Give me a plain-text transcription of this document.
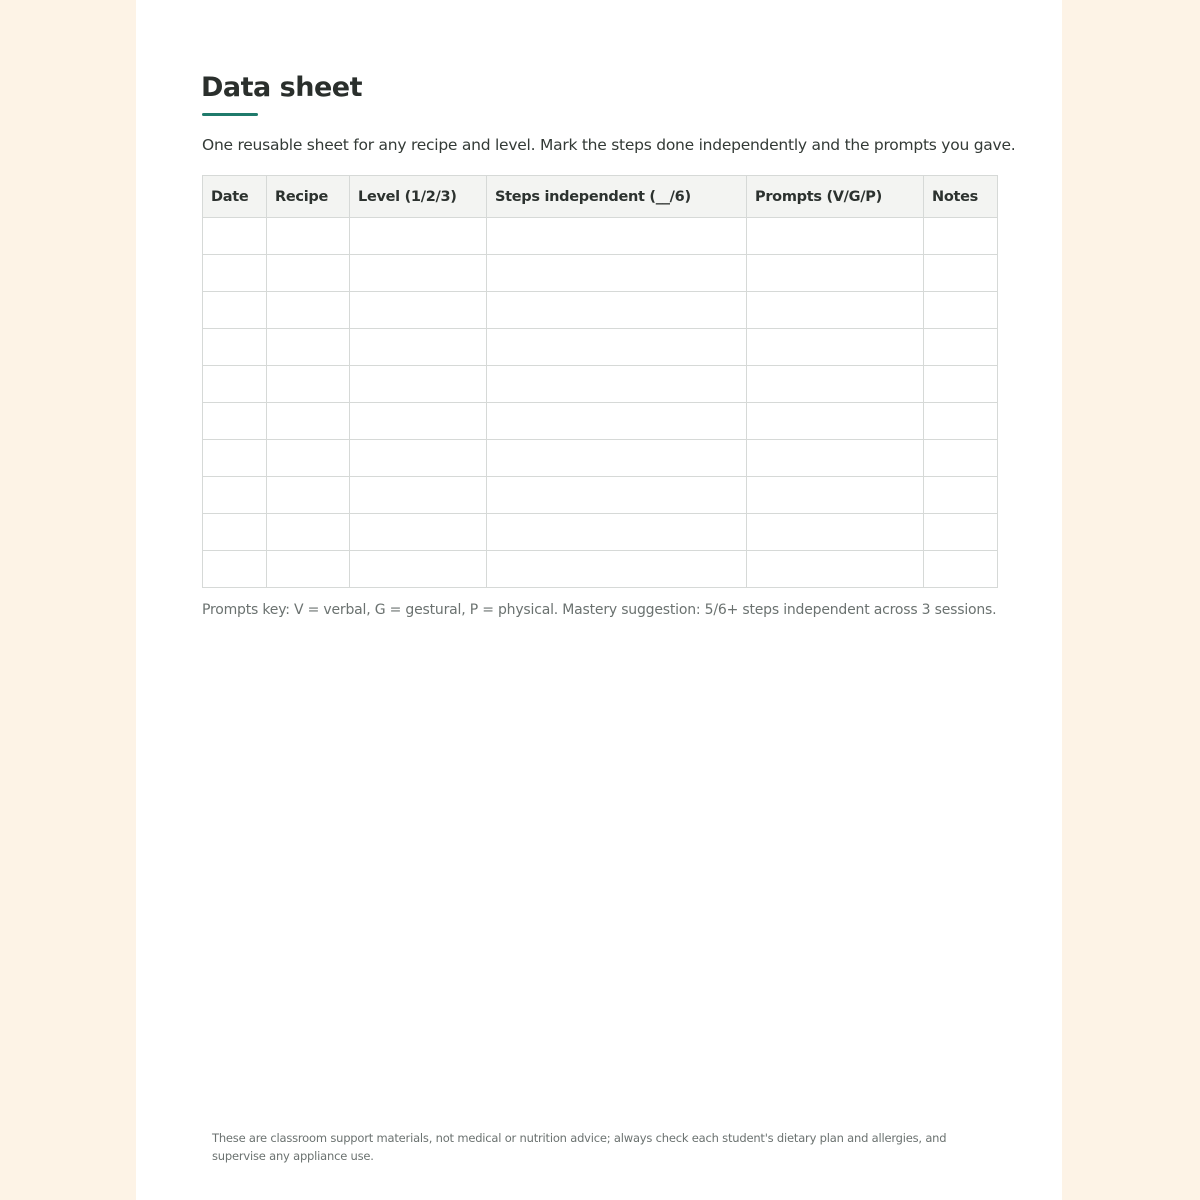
Data sheet

One reusable sheet for any recipe and level. Mark the steps done independently and the prompts you gave.

Date	Recipe	Level (1/2/3)	Steps independent (__/6)	Prompts (V/G/P)	Notes

Prompts key: V = verbal, G = gestural, P = physical. Mastery suggestion: 5/6+ steps independent across 3 sessions.

These are classroom support materials, not medical or nutrition advice; always check each student's dietary plan and allergies, and supervise any appliance use.
